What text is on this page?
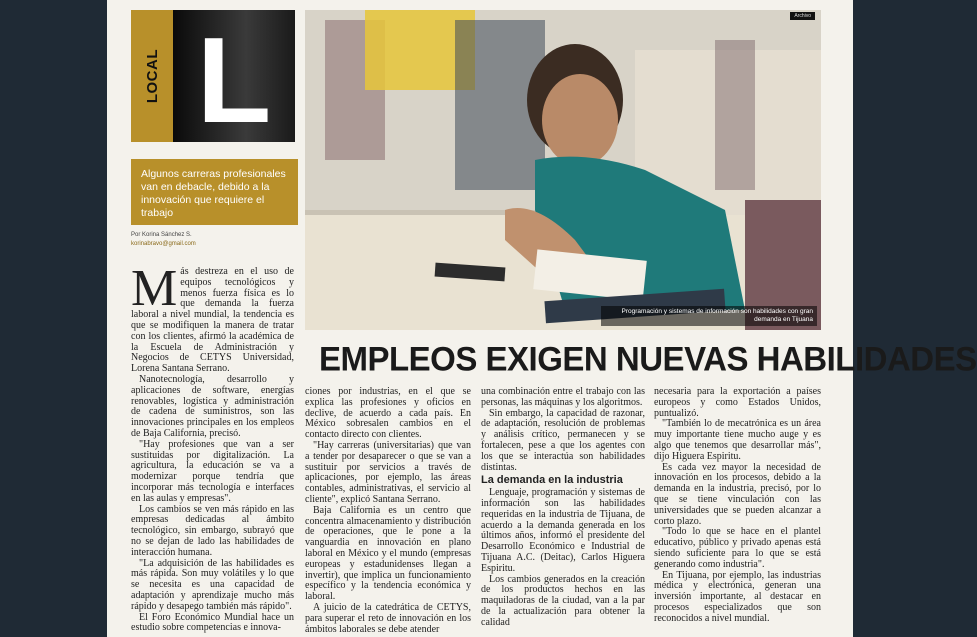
LOCAL L
Algunos carreras profesionales van en debacle, debido a la innovación que requiere el trabajo
Por Korina Sánchez S.
korinabravo@gmail.com
Archivo
Programación y sistemas de información son habilidades con gran demanda en Tijuana
EMPLEOS EXIGEN NUEVAS HABILIDADES

Más destreza en el uso de equipos tecnológicos y menos fuerza física es lo que demanda la fuerza laboral a nivel mundial, la tendencia es que se modifiquen la manera de tratar con los clientes, afirmó la académica de la Escuela de Administración y Negocios de CETYS Universidad, Lorena Santana Serrano.

Nanotecnología, desarrollo y aplicaciones de software, energías renovables, logística y administración de cadena de suministros, son las innovaciones principales en los empleos de Baja California, precisó.

"Hay profesiones que van a ser sustituidas por digitalización. La agricultura, la educación se va a modernizar porque tendría que incorporar más tecnología e interfaces en las aulas y empresas".

Los cambios se ven más rápido en las empresas dedicadas al ámbito tecnológico, sin embargo, subrayó que no se dejan de lado las habilidades de interacción humana.

"La adquisición de las habilidades es más rápida. Son muy volátiles y lo que se necesita es una capacidad de adaptación y aprendizaje mucho más rápido y desapego también más rápido".

El Foro Económico Mundial hace un estudio sobre competencias e innova-

ciones por industrias, en el que se explica las profesiones y oficios en declive, de acuerdo a cada país. En México sobresalen cambios en el contacto directo con clientes.

"Hay carreras (universitarias) que van a tender por desaparecer o que se van a sustituir por servicios a través de aplicaciones, por ejemplo, las áreas contables, administrativas, el servicio al cliente", explicó Santana Serrano.

Baja California es un centro que concentra almacenamiento y distribución de operaciones, que le pone a la vanguardia en innovación en plano laboral en México y el mundo (empresas europeas y estadunidenses llegan a invertir), que implica un funcionamiento específico y la tendencia económica y laboral.

A juicio de la catedrática de CETYS, para superar el reto de innovación en los ámbitos laborales se debe atender

una combinación entre el trabajo con las personas, las máquinas y los algoritmos.

Sin embargo, la capacidad de razonar, de adaptación, resolución de problemas y análisis crítico, permanecen y se fortalecen, pese a que los agentes con los que se interactúa son habilidades distintas.

La demanda en la industria

Lenguaje, programación y sistemas de información son las habilidades requeridas en la industria de Tijuana, de acuerdo a la demanda generada en los últimos años, informó el presidente del Desarrollo Económico e Industrial de Tijuana A.C. (Deitac), Carlos Higuera Espiritu.

Los cambios generados en la creación de los productos hechos en las maquiladoras de la ciudad, van a la par de la actualización para obtener la calidad

necesaria para la exportación a países europeos y como Estados Unidos, puntualizó.

"También lo de mecatrónica es un área muy importante tiene mucho auge y es algo que tenemos que desarrollar más", dijo Higuera Espiritu.

Es cada vez mayor la necesidad de innovación en los procesos, debido a la demanda en la industria, precisó, por lo que se tiene vinculación con las universidades que se pueden alcanzar a corto plazo.

"Todo lo que se hace en el plantel educativo, público y privado apenas está siendo suficiente para lo que se está generando como industria".

En Tijuana, por ejemplo, las industrias médica y electrónica, generan una inversión importante, al destacar en procesos especializados que son reconocidos a nivel mundial.
